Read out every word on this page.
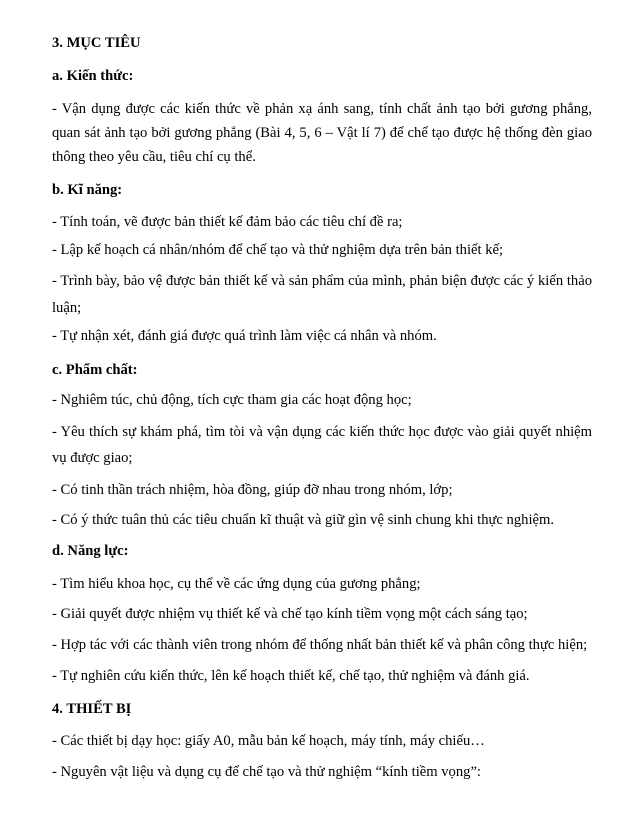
3. MỤC TIÊU
a. Kiến thức:
- Vận dụng được các kiến thức về phản xạ ánh sang, tính chất ảnh tạo bởi gương phẳng,
quan sát ảnh tạo bởi gương phẳng (Bài 4, 5, 6 – Vật lí 7) để chế tạo được hệ thống đèn giao
thông theo yêu cầu, tiêu chí cụ thể.
b. Kĩ năng:
- Tính toán, vẽ được bản thiết kế đảm bảo các tiêu chí đề ra;
- Lập kế hoạch cá nhân/nhóm để chế tạo và thử nghiệm dựa trên bản thiết kế;
- Trình bày, bảo vệ được bản thiết kế và sản phẩm của mình, phản biện được các ý kiến thảo
luận;
- Tự nhận xét, đánh giá được quá trình làm việc cá nhân và nhóm.
c. Phẩm chất:
- Nghiêm túc, chủ động, tích cực tham gia các hoạt động học;
- Yêu thích sự khám phá, tìm tòi và vận dụng các kiến thức học được vào giải quyết nhiệm
vụ được giao;
- Có tinh thần trách nhiệm, hòa đồng, giúp đỡ nhau trong nhóm, lớp;
- Có ý thức tuân thủ các tiêu chuẩn kĩ thuật và giữ gìn vệ sinh chung khi thực nghiệm.
d. Năng lực:
- Tìm hiểu khoa học, cụ thể về các ứng dụng của gương phẳng;
- Giải quyết được nhiệm vụ thiết kế và chế tạo kính tiềm vọng một cách sáng tạo;
- Hợp tác với các thành viên trong nhóm để thống nhất bản thiết kế và phân công thực hiện;
- Tự nghiên cứu kiến thức, lên kế hoạch thiết kế, chế tạo, thử nghiệm và đánh giá.
4. THIẾT BỊ
- Các thiết bị dạy học: giấy A0, mẫu bản kế hoạch, máy tính, máy chiếu…
- Nguyên vật liệu và dụng cụ để chế tạo và thử nghiệm “kính tiềm vọng”:
